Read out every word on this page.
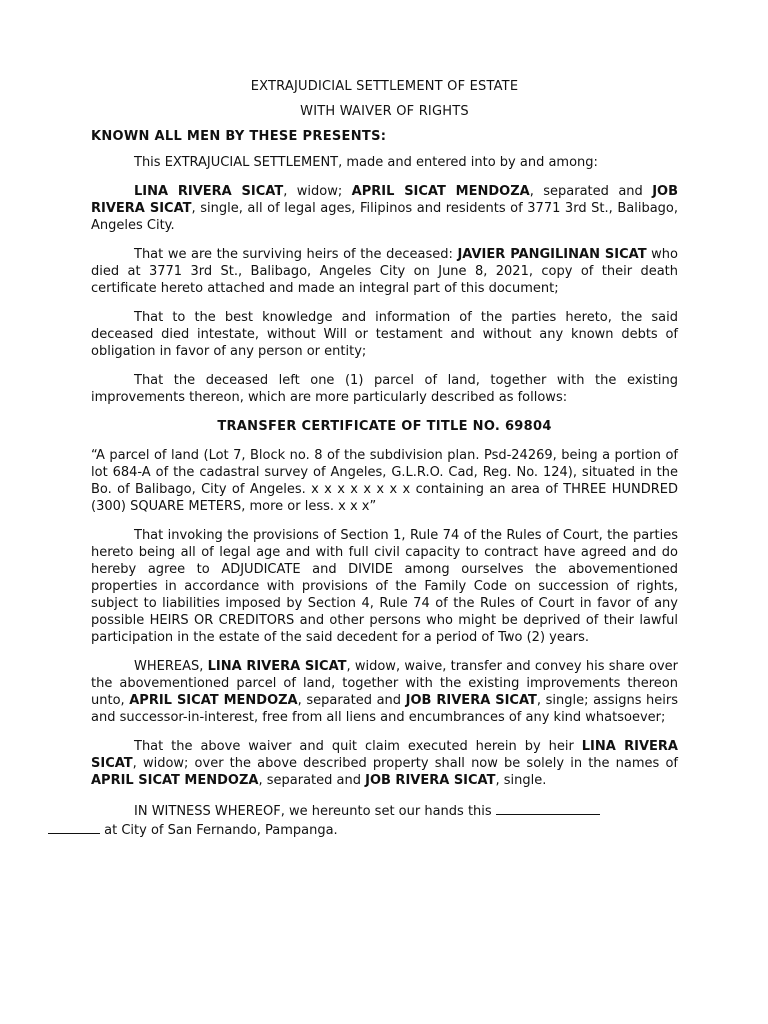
EXTRAJUDICIAL SETTLEMENT OF ESTATE
WITH WAIVER OF RIGHTS
KNOWN ALL MEN BY THESE PRESENTS:

This EXTRAJUCIAL SETTLEMENT, made and entered into by and among:

LINA RIVERA SICAT, widow; APRIL SICAT MENDOZA, separated and JOB RIVERA SICAT, single, all of legal ages, Filipinos and residents of 3771 3rd St., Balibago, Angeles City.

That we are the surviving heirs of the deceased: JAVIER PANGILINAN SICAT who died at 3771 3rd St., Balibago, Angeles City on June 8, 2021, copy of their death certificate hereto attached and made an integral part of this document;

That to the best knowledge and information of the parties hereto, the said deceased died intestate, without Will or testament and without any known debts of obligation in favor of any person or entity;

That the deceased left one (1) parcel of land, together with the existing improvements thereon, which are more particularly described as follows:

TRANSFER CERTIFICATE OF TITLE NO. 69804

“A parcel of land (Lot 7, Block no. 8 of the subdivision plan. Psd-24269, being a portion of lot 684-A of the cadastral survey of Angeles, G.L.R.O. Cad, Reg. No. 124), situated in the Bo. of Balibago, City of Angeles. x x x x x x x x containing an area of THREE HUNDRED (300) SQUARE METERS, more or less. x x x”

That invoking the provisions of Section 1, Rule 74 of the Rules of Court, the parties hereto being all of legal age and with full civil capacity to contract have agreed and do hereby agree to ADJUDICATE and DIVIDE among ourselves the abovementioned properties in accordance with provisions of the Family Code on succession of rights, subject to liabilities imposed by Section 4, Rule 74 of the Rules of Court in favor of any possible HEIRS OR CREDITORS and other persons who might be deprived of their lawful participation in the estate of the said decedent for a period of Two (2) years.

WHEREAS, LINA RIVERA SICAT, widow, waive, transfer and convey his share over the abovementioned parcel of land, together with the existing improvements thereon unto, APRIL SICAT MENDOZA, separated and JOB RIVERA SICAT, single; assigns heirs and successor-in-interest, free from all liens and encumbrances of any kind whatsoever;

That the above waiver and quit claim executed herein by heir LINA RIVERA SICAT, widow; over the above described property shall now be solely in the names of APRIL SICAT MENDOZA, separated and JOB RIVERA SICAT, single.

IN WITNESS WHEREOF, we hereunto set our hands this
at City of San Fernando, Pampanga.
